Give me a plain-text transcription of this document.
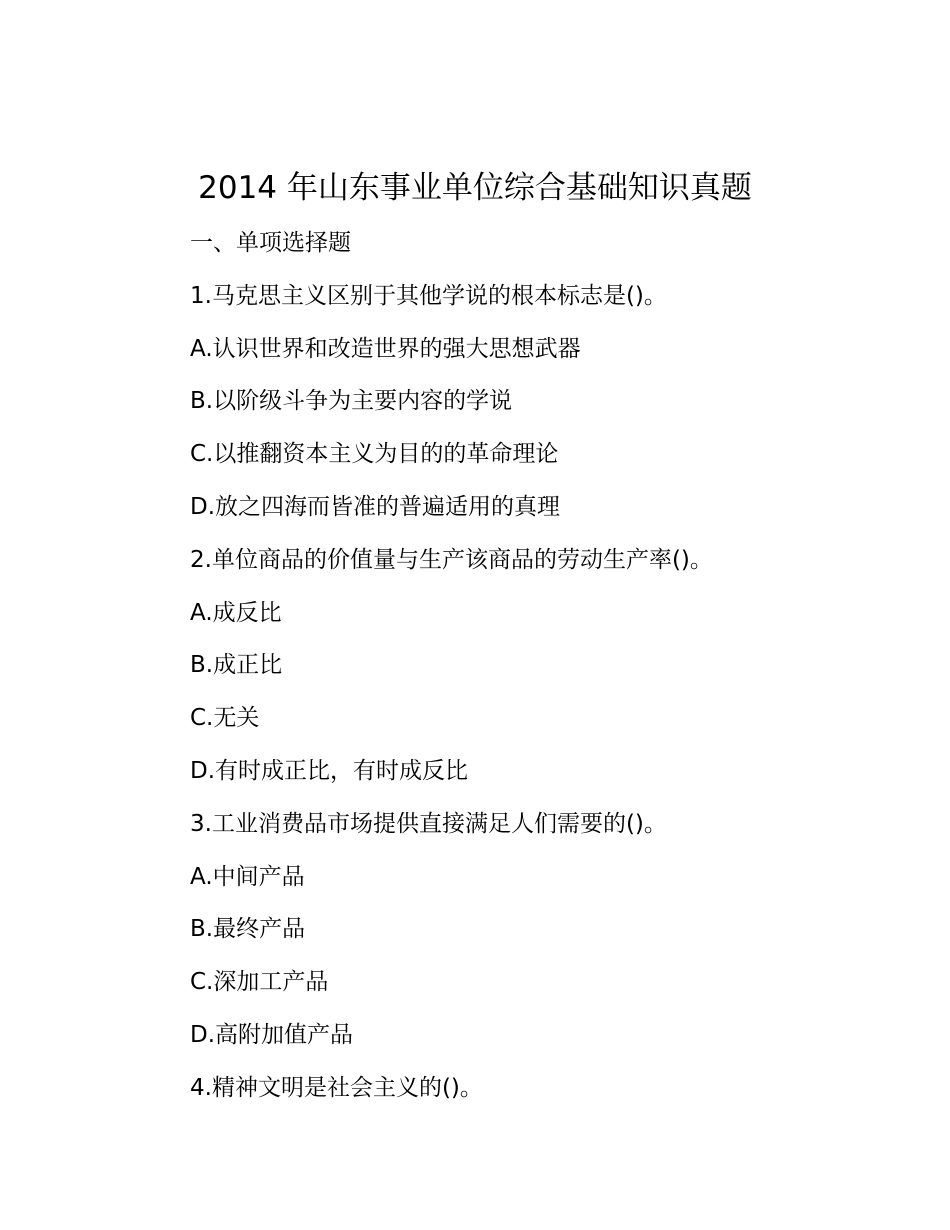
2014 年山东事业单位综合基础知识真题
一、单项选择题
1.马克思主义区别于其他学说的根本标志是()。
A.认识世界和改造世界的强大思想武器
B.以阶级斗争为主要内容的学说
C.以推翻资本主义为目的的革命理论
D.放之四海而皆准的普遍适用的真理
2.单位商品的价值量与生产该商品的劳动生产率()。
A.成反比
B.成正比
C.无关
D.有时成正比，有时成反比
3.工业消费品市场提供直接满足人们需要的()。
A.中间产品
B.最终产品
C.深加工产品
D.高附加值产品
4.精神文明是社会主义的()。
